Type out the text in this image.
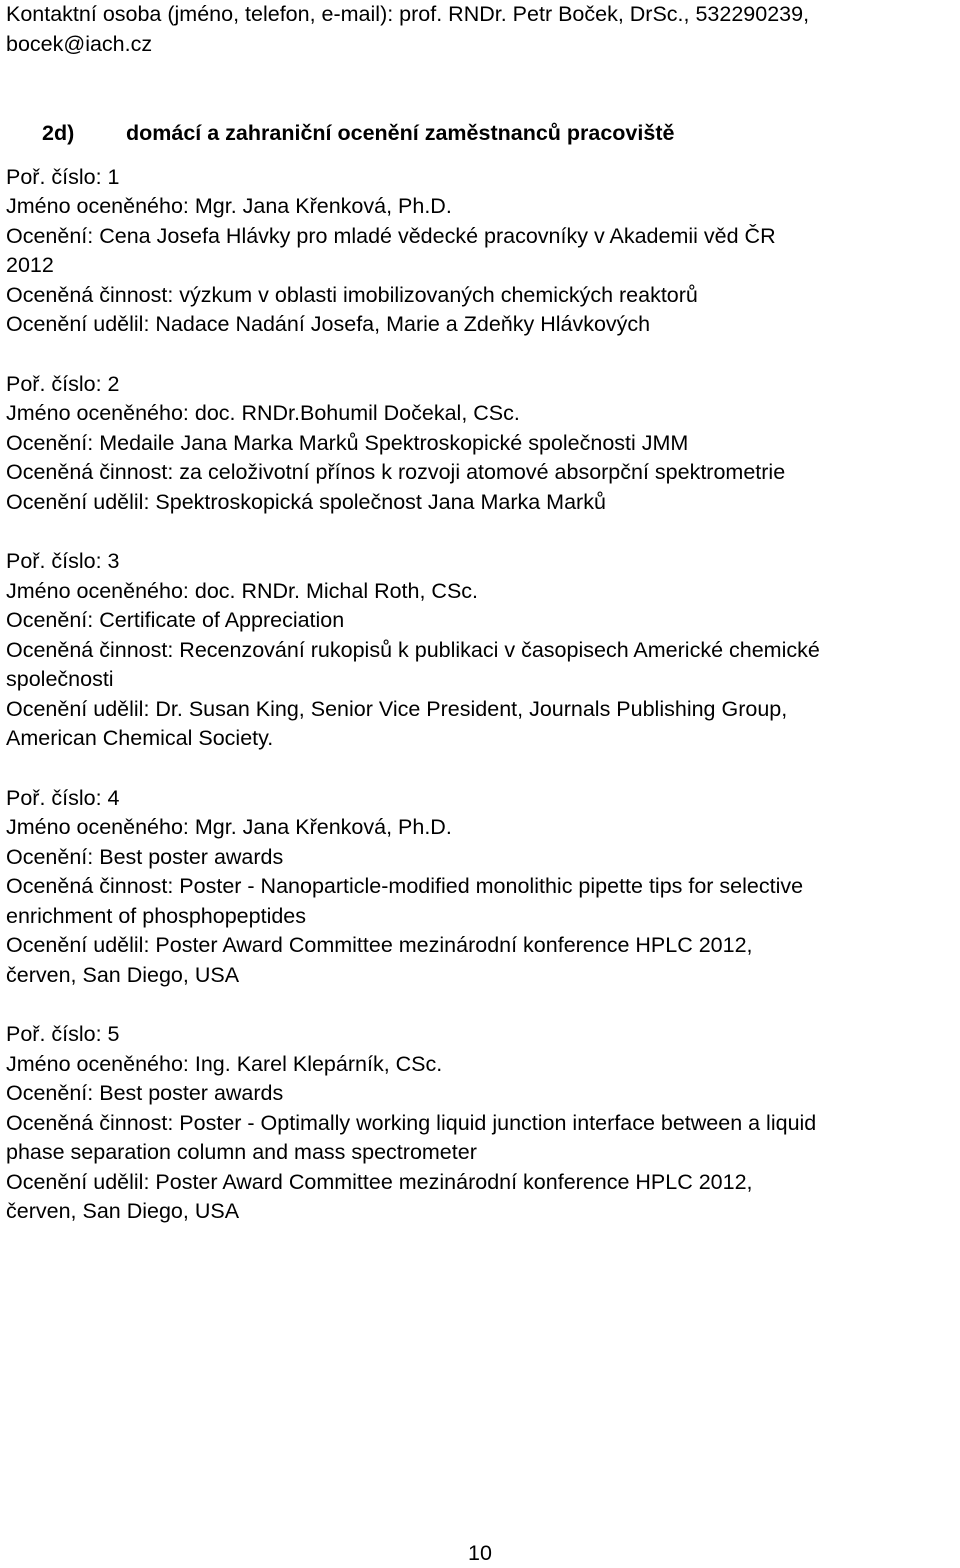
Kontaktní osoba (jméno, telefon, e-mail): prof. RNDr. Petr Boček, DrSc., 532290239,
bocek@iach.cz
2d) domácí a zahraniční ocenění zaměstnanců pracoviště
Poř. číslo: 1
Jméno oceněného: Mgr. Jana Křenková, Ph.D.
Ocenění: Cena Josefa Hlávky pro mladé vědecké pracovníky v Akademii věd ČR
2012
Oceněná činnost: výzkum v oblasti imobilizovaných chemických reaktorů
Ocenění udělil: Nadace Nadání Josefa, Marie a Zdeňky Hlávkových
Poř. číslo: 2
Jméno oceněného: doc. RNDr.Bohumil Dočekal, CSc.
Ocenění: Medaile Jana Marka Marků Spektroskopické společnosti JMM
Oceněná činnost: za celoživotní přínos k rozvoji atomové absorpční spektrometrie
Ocenění udělil: Spektroskopická společnost Jana Marka Marků
Poř. číslo: 3
Jméno oceněného: doc. RNDr. Michal Roth, CSc.
Ocenění: Certificate of Appreciation
Oceněná činnost: Recenzování rukopisů k publikaci v časopisech Americké chemické
společnosti
Ocenění udělil: Dr. Susan King, Senior Vice President, Journals Publishing Group,
American Chemical Society.
Poř. číslo: 4
Jméno oceněného: Mgr. Jana Křenková, Ph.D.
Ocenění: Best poster awards
Oceněná činnost: Poster - Nanoparticle-modified monolithic pipette tips for selective
enrichment of phosphopeptides
Ocenění udělil: Poster Award Committee mezinárodní konference HPLC 2012,
červen, San Diego, USA
Poř. číslo: 5
Jméno oceněného: Ing. Karel Klepárník, CSc.
Ocenění: Best poster awards
Oceněná činnost: Poster - Optimally working liquid junction interface between a liquid
phase separation column and mass spectrometer
Ocenění udělil: Poster Award Committee mezinárodní konference HPLC 2012,
červen, San Diego, USA
10
